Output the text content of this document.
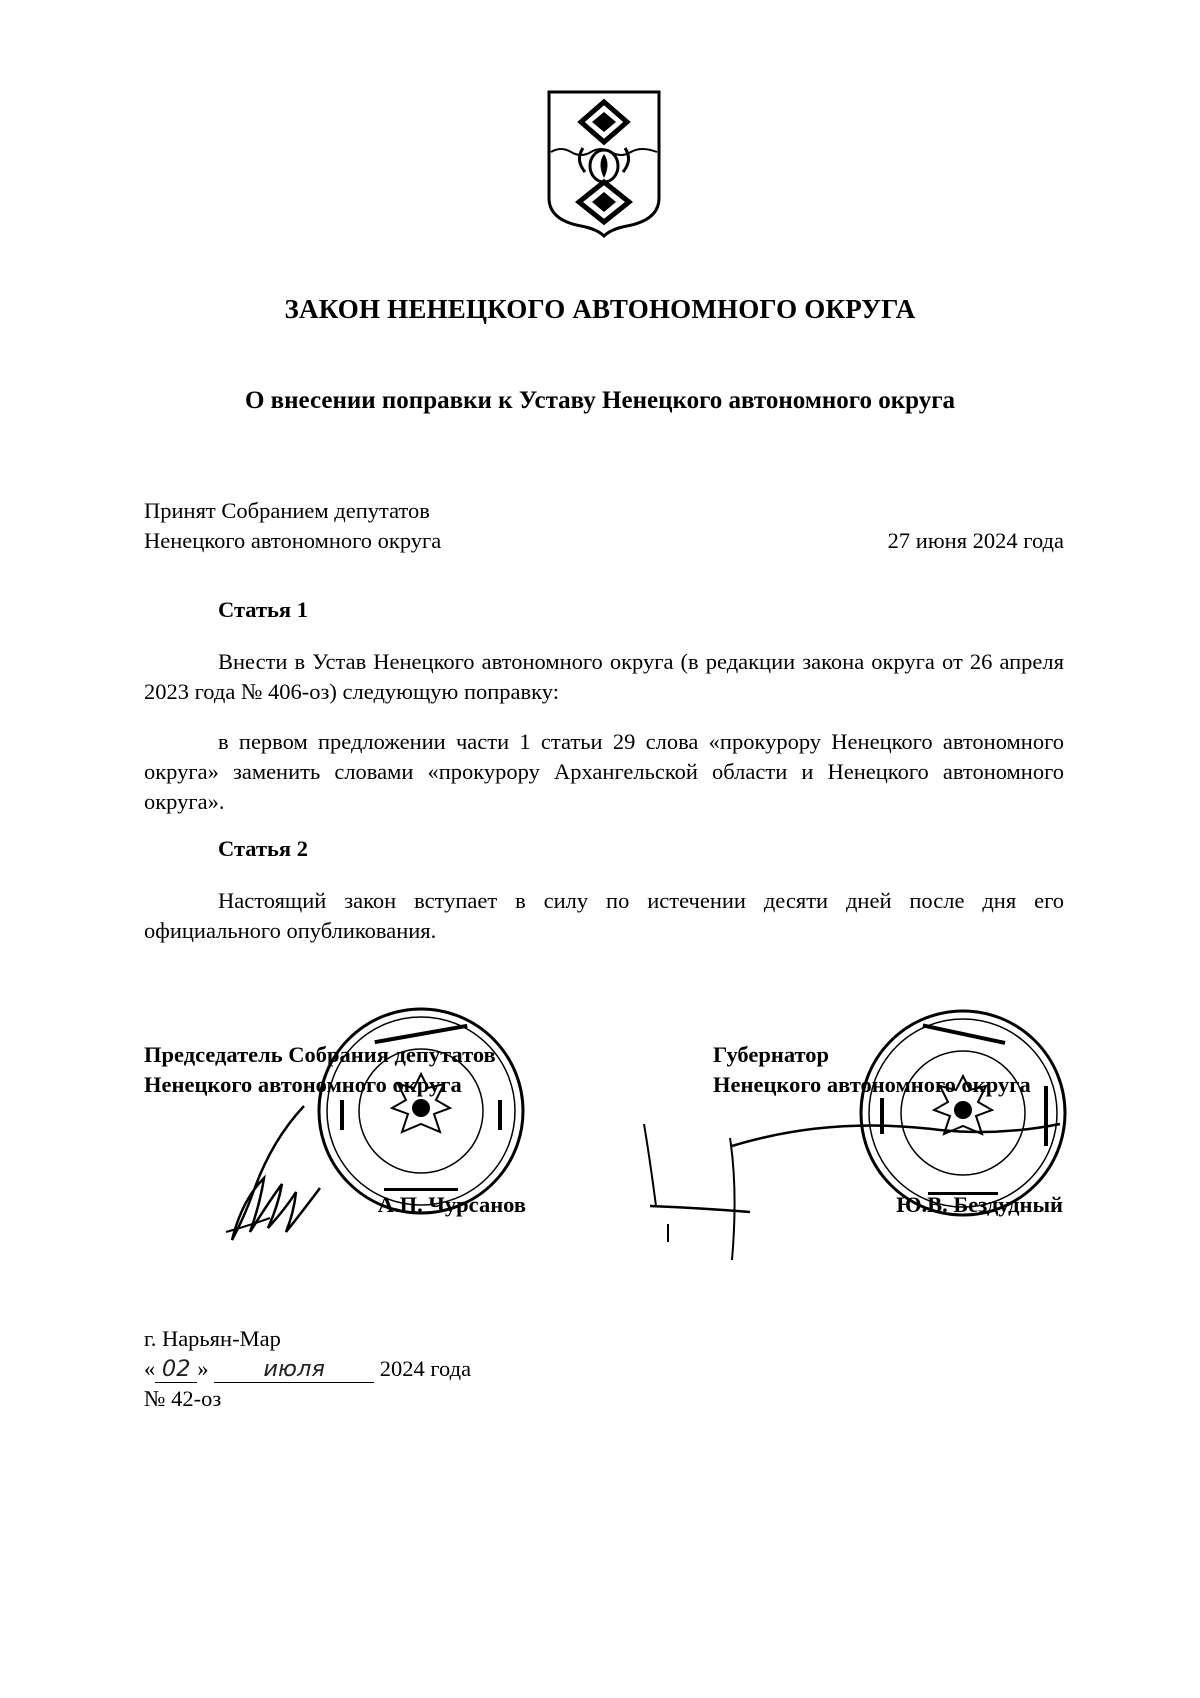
ЗАКОН НЕНЕЦКОГО АВТОНОМНОГО ОКРУГА
О внесении поправки к Уставу Ненецкого автономного округа
Принят Собранием депутатов
Ненецкого автономного округа	27 июня 2024 года
Статья 1
Внести в Устав Ненецкого автономного округа (в редакции закона округа от 26 апреля 2023 года № 406-оз) следующую поправку:
в первом предложении части 1 статьи 29 слова «прокурору Ненецкого автономного округа» заменить словами «прокурору Архангельской области и Ненецкого автономного округа».
Статья 2
Настоящий закон вступает в силу по истечении десяти дней после дня его официального опубликования.
Председатель Собрания депутатов
Ненецкого автономного округа
А.П. Чурсанов
Губернатор
Ненецкого автономного округа
Ю.В. Бездудный
г. Нарьян-Мар
« 02 » июля 2024 года
№ 42-оз
